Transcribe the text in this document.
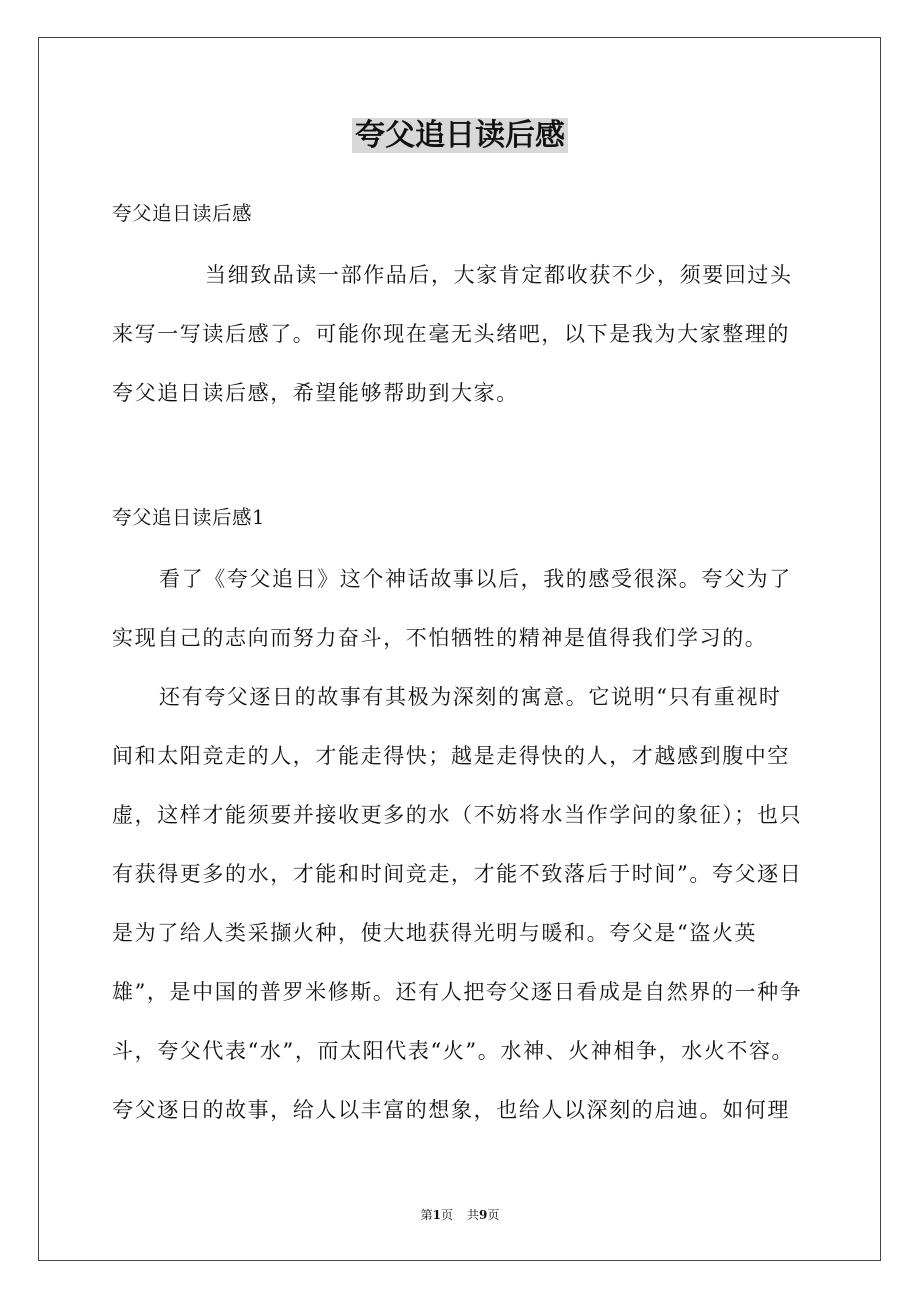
夸父追日读后感
夸父追日读后感
当细致品读一部作品后，大家肯定都收获不少，须要回过头
来写一写读后感了。可能你现在毫无头绪吧，以下是我为大家整理的
夸父追日读后感，希望能够帮助到大家。
夸父追日读后感1
看了《夸父追日》这个神话故事以后，我的感受很深。夸父为了
实现自己的志向而努力奋斗，不怕牺牲的精神是值得我们学习的。
还有夸父逐日的故事有其极为深刻的寓意。它说明“只有重视时
间和太阳竞走的人，才能走得快；越是走得快的人，才越感到腹中空
虚，这样才能须要并接收更多的水（不妨将水当作学问的象征）；也只
有获得更多的水，才能和时间竞走，才能不致落后于时间”。夸父逐日
是为了给人类采撷火种，使大地获得光明与暖和。夸父是“盗火英
雄”，是中国的普罗米修斯。还有人把夸父逐日看成是自然界的一种争
斗，夸父代表“水”，而太阳代表“火”。水神、火神相争，水火不容。
夸父逐日的故事，给人以丰富的想象，也给人以深刻的启迪。如何理
第1页 共9页
